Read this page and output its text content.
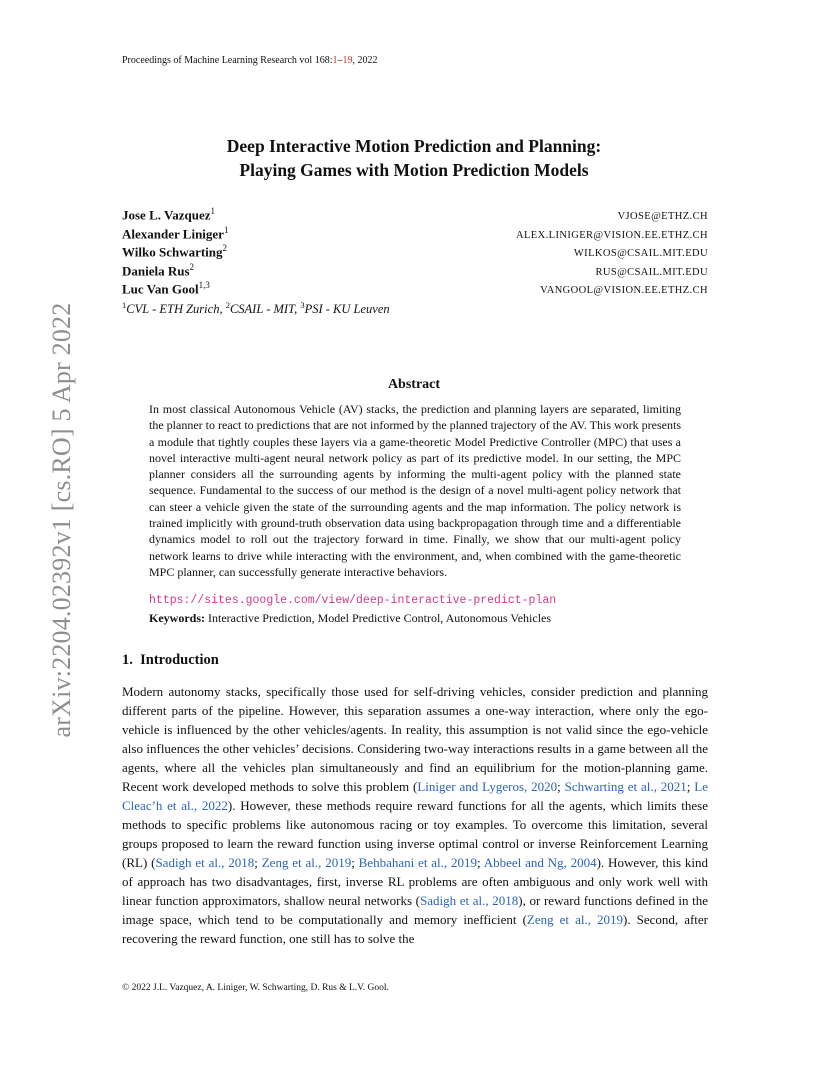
Proceedings of Machine Learning Research vol 168:1–19, 2022
arXiv:2204.02392v1 [cs.RO] 5 Apr 2022
Deep Interactive Motion Prediction and Planning:
Playing Games with Motion Prediction Models
Jose L. Vazquez$^1$
VJOSE@ETHZ.CH
Alexander Liniger$^1$
ALEX.LINIGER@VISION.EE.ETHZ.CH
Wilko Schwarting$^2$
WILKOS@CSAIL.MIT.EDU
Daniela Rus$^2$
RUS@CSAIL.MIT.EDU
Luc Van Gool$^{1,3}$
VANGOOL@VISION.EE.ETHZ.CH
$^1$CVL - ETH Zurich, $^2$CSAIL - MIT, $^3$PSI - KU Leuven
Abstract
In most classical Autonomous Vehicle (AV) stacks, the prediction and planning layers are separated, limiting the planner to react to predictions that are not informed by the planned trajectory of the AV. This work presents a module that tightly couples these layers via a game-theoretic Model Predictive Controller (MPC) that uses a novel interactive multi-agent neural network policy as part of its predictive model. In our setting, the MPC planner considers all the surrounding agents by informing the multi-agent policy with the planned state sequence. Fundamental to the success of our method is the design of a novel multi-agent policy network that can steer a vehicle given the state of the surrounding agents and the map information. The policy network is trained implicitly with ground-truth observation data using backpropagation through time and a differentiable dynamics model to roll out the trajectory forward in time. Finally, we show that our multi-agent policy network learns to drive while interacting with the environment, and, when combined with the game-theoretic MPC planner, can successfully generate interactive behaviors.
https://sites.google.com/view/deep-interactive-predict-plan
Keywords: Interactive Prediction, Model Predictive Control, Autonomous Vehicles
1. Introduction
Modern autonomy stacks, specifically those used for self-driving vehicles, consider prediction and planning different parts of the pipeline. However, this separation assumes a one-way interaction, where only the ego-vehicle is influenced by the other vehicles/agents. In reality, this assumption is not valid since the ego-vehicle also influences the other vehicles’ decisions. Considering two-way interactions results in a game between all the agents, where all the vehicles plan simultaneously and find an equilibrium for the motion-planning game. Recent work developed methods to solve this problem (Liniger and Lygeros, 2020; Schwarting et al., 2021; Le Cleac’h et al., 2022). However, these methods require reward functions for all the agents, which limits these methods to specific problems like autonomous racing or toy examples. To overcome this limitation, several groups proposed to learn the reward function using inverse optimal control or inverse Reinforcement Learning (RL) (Sadigh et al., 2018; Zeng et al., 2019; Behbahani et al., 2019; Abbeel and Ng, 2004). However, this kind of approach has two disadvantages, first, inverse RL problems are often ambiguous and only work well with linear function approximators, shallow neural networks (Sadigh et al., 2018), or reward functions defined in the image space, which tend to be computationally and memory inefficient (Zeng et al., 2019). Second, after recovering the reward function, one still has to solve the
© 2022 J.L. Vazquez, A. Liniger, W. Schwarting, D. Rus & L.V. Gool.
